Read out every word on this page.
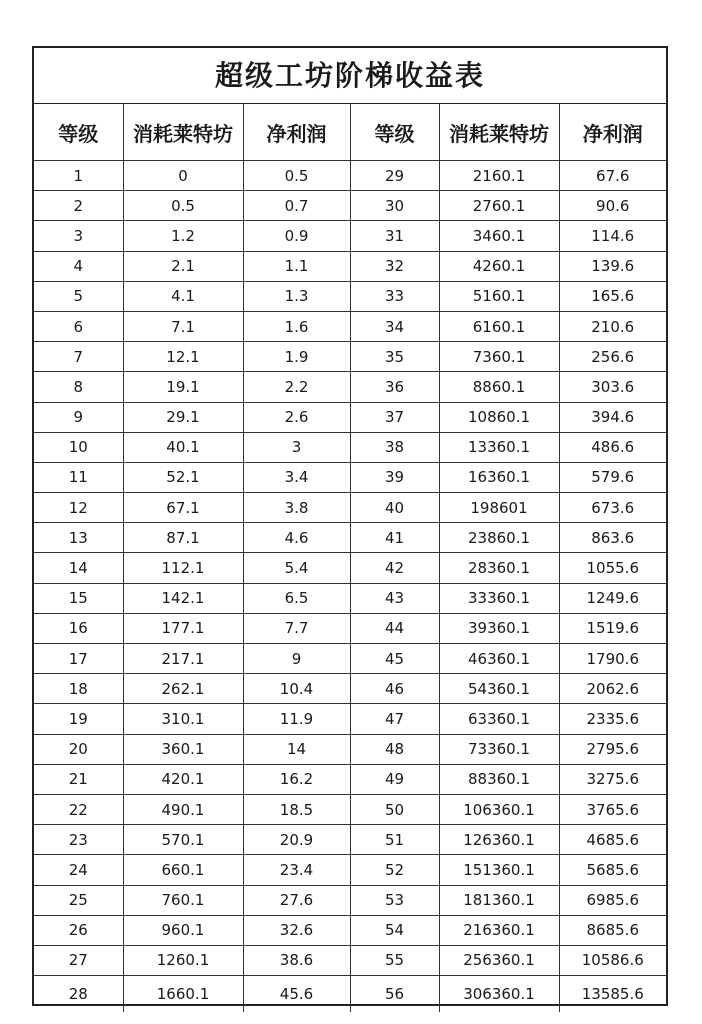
超级工坊阶梯收益表
等级	消耗莱特坊	净利润	等级	消耗莱特坊	净利润
1	0	0.5	29	2160.1	67.6
2	0.5	0.7	30	2760.1	90.6
3	1.2	0.9	31	3460.1	114.6
4	2.1	1.1	32	4260.1	139.6
5	4.1	1.3	33	5160.1	165.6
6	7.1	1.6	34	6160.1	210.6
7	12.1	1.9	35	7360.1	256.6
8	19.1	2.2	36	8860.1	303.6
9	29.1	2.6	37	10860.1	394.6
10	40.1	3	38	13360.1	486.6
11	52.1	3.4	39	16360.1	579.6
12	67.1	3.8	40	198601	673.6
13	87.1	4.6	41	23860.1	863.6
14	112.1	5.4	42	28360.1	1055.6
15	142.1	6.5	43	33360.1	1249.6
16	177.1	7.7	44	39360.1	1519.6
17	217.1	9	45	46360.1	1790.6
18	262.1	10.4	46	54360.1	2062.6
19	310.1	11.9	47	63360.1	2335.6
20	360.1	14	48	73360.1	2795.6
21	420.1	16.2	49	88360.1	3275.6
22	490.1	18.5	50	106360.1	3765.6
23	570.1	20.9	51	126360.1	4685.6
24	660.1	23.4	52	151360.1	5685.6
25	760.1	27.6	53	181360.1	6985.6
26	960.1	32.6	54	216360.1	8685.6
27	1260.1	38.6	55	256360.1	10586.6
28	1660.1	45.6	56	306360.1	13585.6
